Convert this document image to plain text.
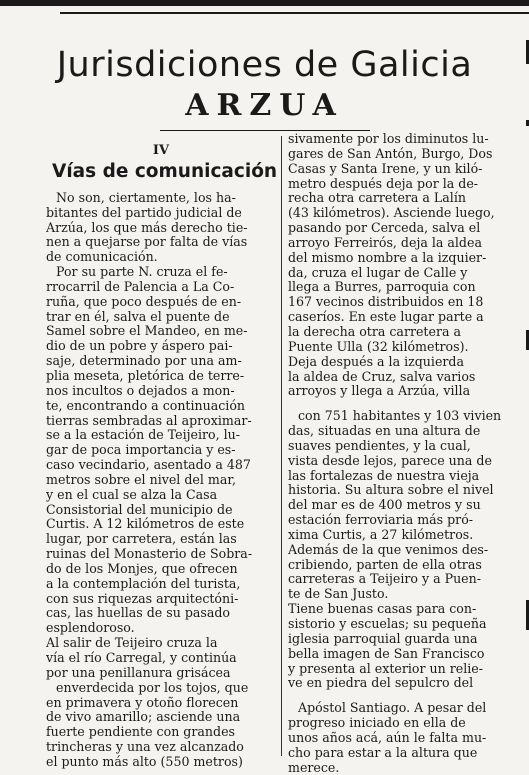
Jurisdiciones de Galicia
ARZUA
IV
Vías de comunicación
No son, ciertamente, los ha-
bitantes del partido judicial de
Arzúa, los que más derecho tie-
nen a quejarse por falta de vías
de comunicación.
Por su parte N. cruza el fe-
rrocarril de Palencia a La Co-
ruña, que poco después de en-
trar en él, salva el puente de
Samel sobre el Mandeo, en me-
dio de un pobre y áspero pai-
saje, determinado por una am-
plia meseta, pletórica de terre-
nos incultos o dejados a mon-
te, encontrando a continuación
tierras sembradas al aproximar-
se a la estación de Teijeiro, lu-
gar de poca importancia y es-
caso vecindario, asentado a 487
metros sobre el nivel del mar,
y en el cual se alza la Casa
Consistorial del municipio de
Curtis. A 12 kilómetros de este
lugar, por carretera, están las
ruinas del Monasterio de Sobra-
do de los Monjes, que ofrecen
a la contemplación del turista,
con sus riquezas arquitectóni-
cas, las huellas de su pasado
esplendoroso.
Al salir de Teijeiro cruza la
vía el río Carregal, y continúa
por una penillanura grisácea
enverdecida por los tojos, que
en primavera y otoño florecen
de vivo amarillo; asciende una
fuerte pendiente con grandes
trincheras y una vez alcanzado
el punto más alto (550 metros)
sivamente por los diminutos lu-
gares de San Antón, Burgo, Dos
Casas y Santa Irene, y un kiló-
metro después deja por la de-
recha otra carretera a Lalín
(43 kilómetros). Asciende luego,
pasando por Cerceda, salva el
arroyo Ferreirós, deja la aldea
del mismo nombre a la izquier-
da, cruza el lugar de Calle y
llega a Burres, parroquia con
167 vecinos distribuidos en 18
caseríos. En este lugar parte a
la derecha otra carretera a
Puente Ulla (32 kilómetros).
Deja después a la izquierda
la aldea de Cruz, salva varios
arroyos y llega a Arzúa, villa
con 751 habitantes y 103 vivien
das, situadas en una altura de
suaves pendientes, y la cual,
vista desde lejos, parece una de
las fortalezas de nuestra vieja
historia. Su altura sobre el nivel
del mar es de 400 metros y su
estación ferroviaria más pró-
xima Curtis, a 27 kilómetros.
Además de la que venimos des-
cribiendo, parten de ella otras
carreteras a Teijeiro y a Puen-
te de San Justo.
Tiene buenas casas para con-
sistorio y escuelas; su pequeña
iglesia parroquial guarda una
bella imagen de San Francisco
y presenta al exterior un relie-
ve en piedra del sepulcro del
Apóstol Santiago. A pesar del
progreso iniciado en ella de
unos años acá, aún le falta mu-
cho para estar a la altura que
merece.
